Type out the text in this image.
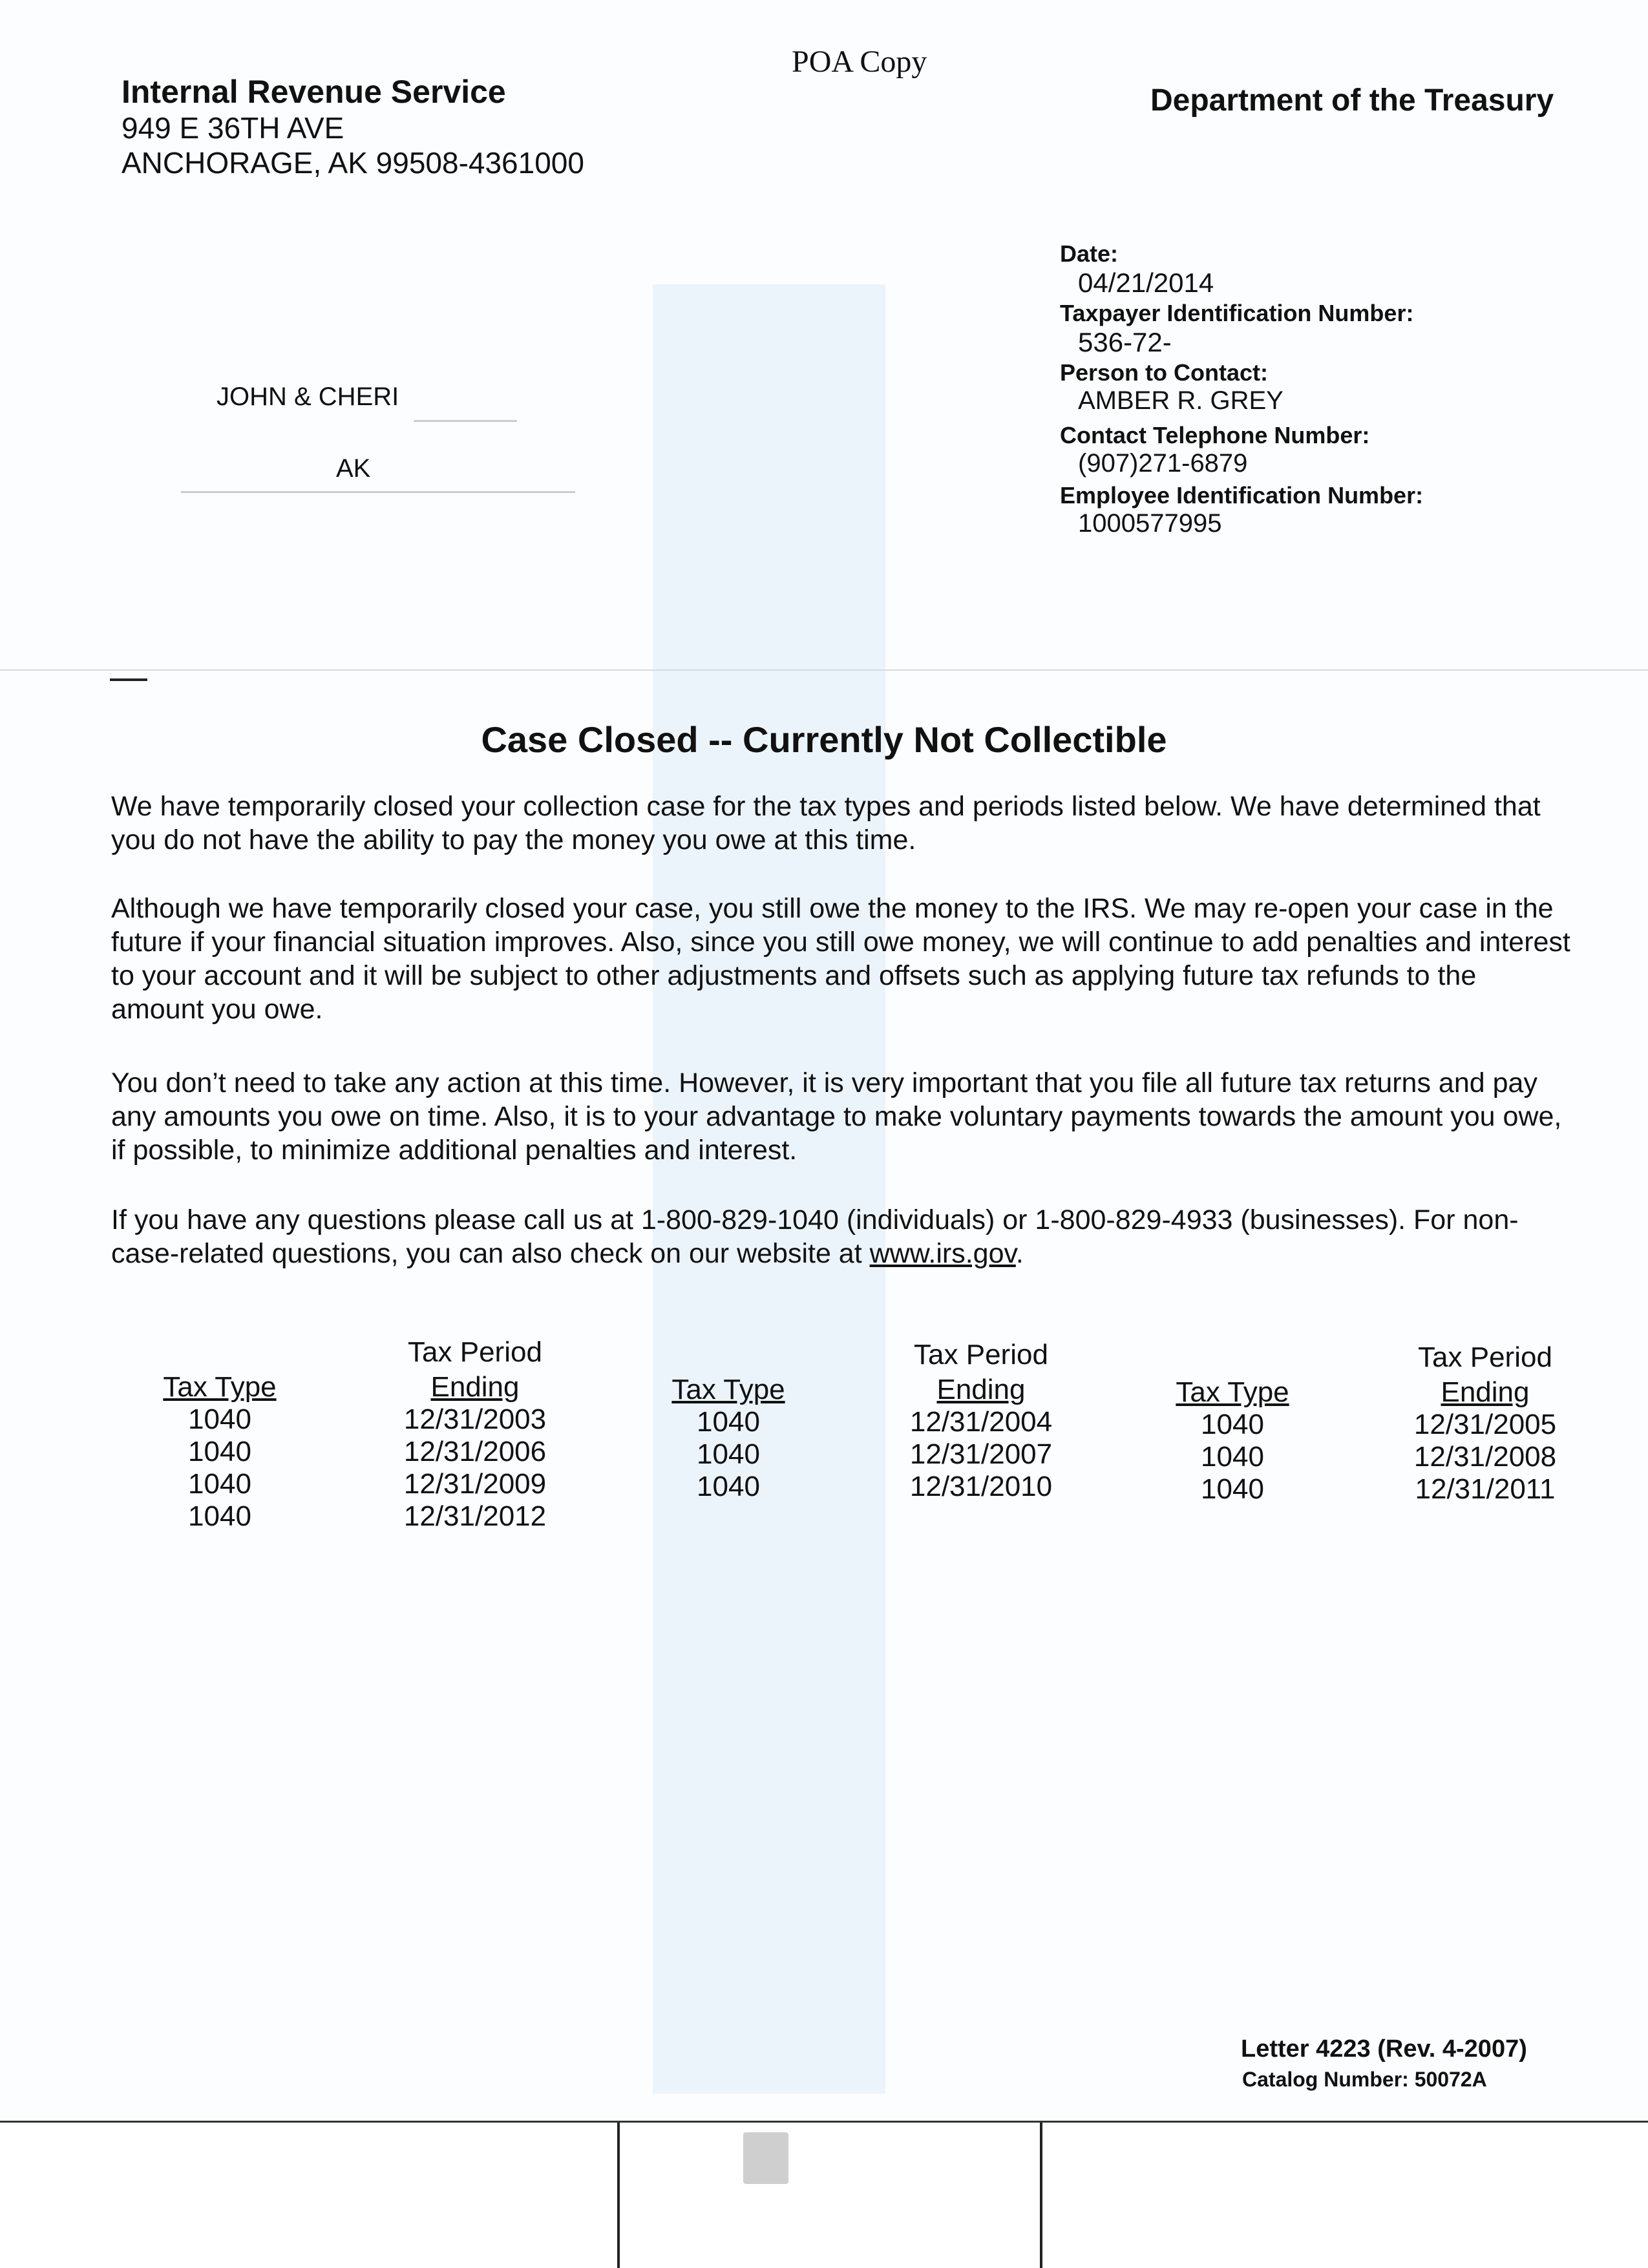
POA Copy
Internal Revenue Service
949 E 36TH AVE
ANCHORAGE, AK 99508-4361000
Department of the Treasury
Date:
04/21/2014
Taxpayer Identification Number:
536-72-
Person to Contact:
AMBER R. GREY
Contact Telephone Number:
(907)271-6879
Employee Identification Number:
1000577995
JOHN & CHERI
AK
Case Closed -- Currently Not Collectible
We have temporarily closed your collection case for the tax types and periods listed below. We have determined that you do not have the ability to pay the money you owe at this time.
Although we have temporarily closed your case, you still owe the money to the IRS. We may re-open your case in the future if your financial situation improves. Also, since you still owe money, we will continue to add penalties and interest to your account and it will be subject to other adjustments and offsets such as applying future tax refunds to the amount you owe.
You don’t need to take any action at this time. However, it is very important that you file all future tax returns and pay any amounts you owe on time. Also, it is to your advantage to make voluntary payments towards the amount you owe, if possible, to minimize additional penalties and interest.
If you have any questions please call us at 1-800-829-1040 (individuals) or 1-800-829-4933 (businesses). For non-case-related questions, you can also check on our website at www.irs.gov.
Tax Type
Tax Period
Ending
1040
1040
1040
1040
12/31/2003
12/31/2006
12/31/2009
12/31/2012
Tax Type
Tax Period
Ending
1040
1040
1040
12/31/2004
12/31/2007
12/31/2010
Tax Type
Tax Period
Ending
1040
1040
1040
12/31/2005
12/31/2008
12/31/2011
Letter 4223 (Rev. 4-2007)
Catalog Number: 50072A
